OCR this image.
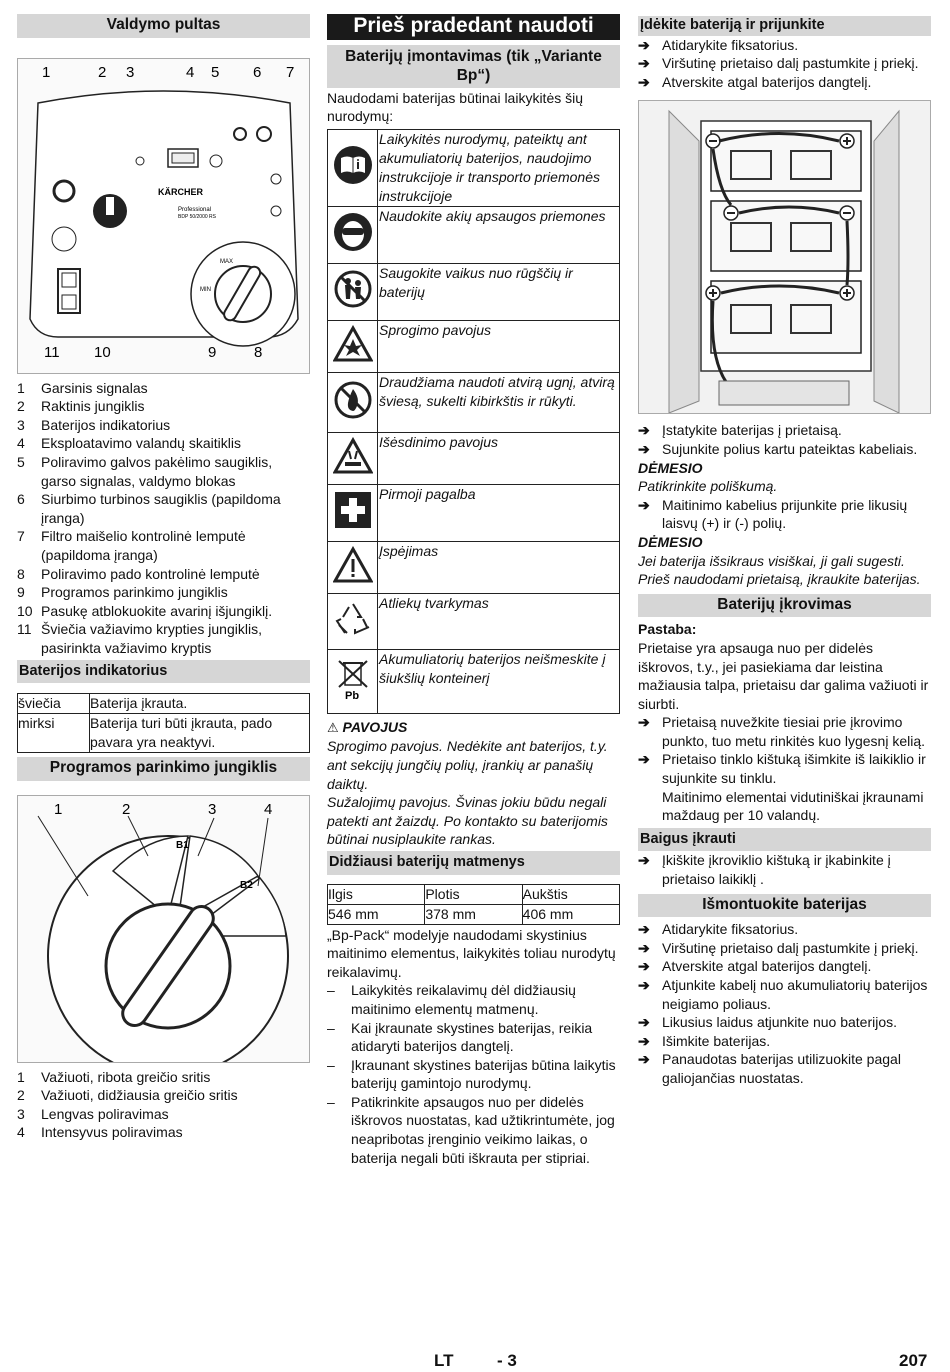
Valdymo pultas
1	2 3	4 5 6 7
KÄRCHER
Professional
BDP 50/2000 RS
MAX
MIN
11 10	9	8
1	Garsinis signalas
2	Raktinis jungiklis
3	Baterijos indikatorius
4	Eksploatavimo valandų skaitiklis
5	Poliravimo galvos pakėlimo saugiklis, garso signalas, valdymo blokas
6	Siurbimo turbinos saugiklis (papildoma įranga)
7	Filtro maišelio kontrolinė lemputė (papildoma įranga)
8	Poliravimo pado kontrolinė lemputė
9	Programos parinkimo jungiklis
10 Pasukę atblokuokite avarinį išjungiklį.
11 Šviečia važiavimo krypties jungiklis, pasirinkta važiavimo kryptis
Baterijos indikatorius
šviečia	Baterija įkrauta.
mirksi	Baterija turi būti įkrauta, pado pavara yra neaktyvi.
Programos parinkimo jungiklis
1	2	3	4
B1
B2
1	Važiuoti, ribota greičio sritis
2	Važiuoti, didžiausia greičio sritis
3	Lengvas poliravimas
4	Intensyvus poliravimas
Prieš pradedant naudoti
Baterijų įmontavimas (tik „Variante Bp“)
Naudodami baterijas būtinai laikykitės šių nurodymų:
	Laikykitės nurodymų, pateiktų ant akumuliatorių baterijos, naudojimo instrukcijoje ir transporto priemonės instrukcijoje
	Naudokite akių apsaugos priemones
	Saugokite vaikus nuo rūgščių ir baterijų
	Sprogimo pavojus
	Draudžiama naudoti atvirą ugnį, atvirą šviesą, sukelti kibirkštis ir rūkyti.
	Išėsdinimo pavojus
	Pirmoji pagalba
	Įspėjimas
	Atliekų tvarkymas

Pb	Akumuliatorių baterijos neišmeskite į šiukšlių konteinerį
⚠ PAVOJUS
Sprogimo pavojus. Nedėkite ant baterijos, t.y. ant sekcijų jungčių polių, įrankių ar panašių daiktų.
Sužalojimų pavojus. Švinas jokiu būdu negali patekti ant žaizdų. Po kontakto su baterijomis būtinai nusiplaukite rankas.
Didžiausi baterijų matmenys
Ilgis	Plotis	Aukštis
546 mm	378 mm	406 mm
„Bp-Pack“ modelyje naudodami skystinius maitinimo elementus, laikykitės toliau nurodytų reikalavimų.
–	Laikykitės reikalavimų dėl didžiausių maitinimo elementų matmenų.
–	Kai įkraunate skystines baterijas, reikia atidaryti baterijos dangtelį.
–	Įkraunant skystines baterijas būtina laikytis baterijų gamintojo nurodymų.
–	Patikrinkite apsaugos nuo per didelės iškrovos nuostatas, kad užtikrintumėte, jog neapribotas įrenginio veikimo laikas, o baterija negali būti iškrauta per stipriai.
Įdėkite bateriją ir prijunkite
➔ Atidarykite fiksatorius.
➔ Viršutinę prietaiso dalį pastumkite į priekį.
➔ Atverskite atgal baterijos dangtelį.
➔ Įstatykite baterijas į prietaisą.
➔ Sujunkite polius kartu pateiktas kabeliais.
DĖMESIO
Patikrinkite poliškumą.
➔ Maitinimo kabelius prijunkite prie likusių laisvų (+) ir (-) polių.
DĖMESIO
Jei baterija išsikraus visiškai, ji gali sugesti. Prieš naudodami prietaisą, įkraukite baterijas.
Baterijų įkrovimas
Pastaba:
Prietaise yra apsauga nuo per didelės iškrovos, t.y., jei pasiekiama dar leistina mažiausia talpa, prietaisu dar galima važiuoti ir siurbti.
➔ Prietaisą nuvežkite tiesiai prie įkrovimo punkto, tuo metu rinkitės kuo lygesnį kelią.
➔ Prietaiso tinklo kištuką išimkite iš laikiklio ir sujunkite su tinklu.
Maitinimo elementai vidutiniškai įkraunami maždaug per 10 valandų.
Baigus įkrauti
➔ Įkiškite įkroviklio kištuką ir įkabinkite į prietaiso laikiklį .
Išmontuokite baterijas
➔ Atidarykite fiksatorius.
➔ Viršutinę prietaiso dalį pastumkite į priekį.
➔ Atverskite atgal baterijos dangtelį.
➔ Atjunkite kabelį nuo akumuliatorių baterijos neigiamo poliaus.
➔ Likusius laidus atjunkite nuo baterijos.
➔ Išimkite baterijas.
➔ Panaudotas baterijas utilizuokite pagal galiojančias nuostatas.
LT	- 3	207
